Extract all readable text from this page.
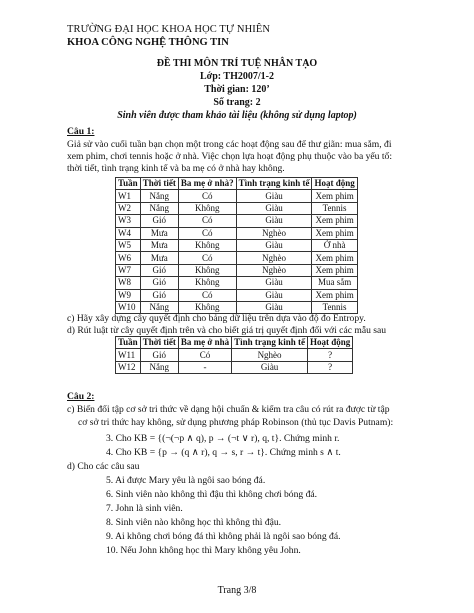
TRƯỜNG ĐẠI HỌC KHOA HỌC TỰ NHIÊN
KHOA CÔNG NGHỆ THÔNG TIN
ĐỀ THI MÔN TRÍ TUỆ NHÂN TẠO
Lớp: TH2007/1-2
Thời gian: 120’
Số trang: 2
Sinh viên được tham khảo tài liệu (không sử dụng laptop)
Câu 1:
Giả sử vào cuối tuần bạn chọn một trong các hoạt động sau để thư giãn: mua sắm, đi
xem phim, chơi tennis hoặc ở nhà. Việc chọn lựa hoạt động phụ thuộc vào ba yếu tố:
thời tiết, tình trạng kinh tế và ba mẹ có ở nhà hay không.
Tuần	Thời tiết	Ba mẹ ở nhà?	Tình trạng kinh tế	Hoạt động
W1	Nắng	Có	Giàu	Xem phim
W2	Nắng	Không	Giàu	Tennis
W3	Gió	Có	Giàu	Xem phim
W4	Mưa	Có	Nghèo	Xem phim
W5	Mưa	Không	Giàu	Ở nhà
W6	Mưa	Có	Nghèo	Xem phim
W7	Gió	Không	Nghèo	Xem phim
W8	Gió	Không	Giàu	Mua sắm
W9	Gió	Có	Giàu	Xem phim
W10	Nắng	Không	Giàu	Tennis
c) Hãy xây dựng cây quyết định cho bảng dữ liệu trên dựa vào độ đo Entropy.
d) Rút luật từ cây quyết định trên và cho biết giá trị quyết định đối với các mẫu sau
Tuần	Thời tiết	Ba mẹ ở nhà	Tình trạng kinh tế	Hoạt động
W11	Gió	Có	Nghèo	?
W12	Nắng	-	Giàu	?
Câu 2:
c) Biến đổi tập cơ sở tri thức về dạng hội chuẩn & kiểm tra câu có rút ra được từ tập
cơ sở tri thức hay không, sử dụng phương pháp Robinson (thủ tục Davis Putnam):
3. Cho KB = {(¬(¬p ∧ q), p → (¬t ∨ r), q, t}. Chứng minh r.
4. Cho KB = {p → (q ∧ r), q → s, r → t}. Chứng minh s ∧ t.
d) Cho các câu sau
5. Ai được Mary yêu là ngôi sao bóng đá.
6. Sinh viên nào không thì đậu thì không chơi bóng đá.
7. John là sinh viên.
8. Sinh viên nào không học thì không thì đậu.
9. Ai không chơi bóng đá thì không phải là ngôi sao bóng đá.
10. Nếu John không học thì Mary không yêu John.
Trang 3/8
